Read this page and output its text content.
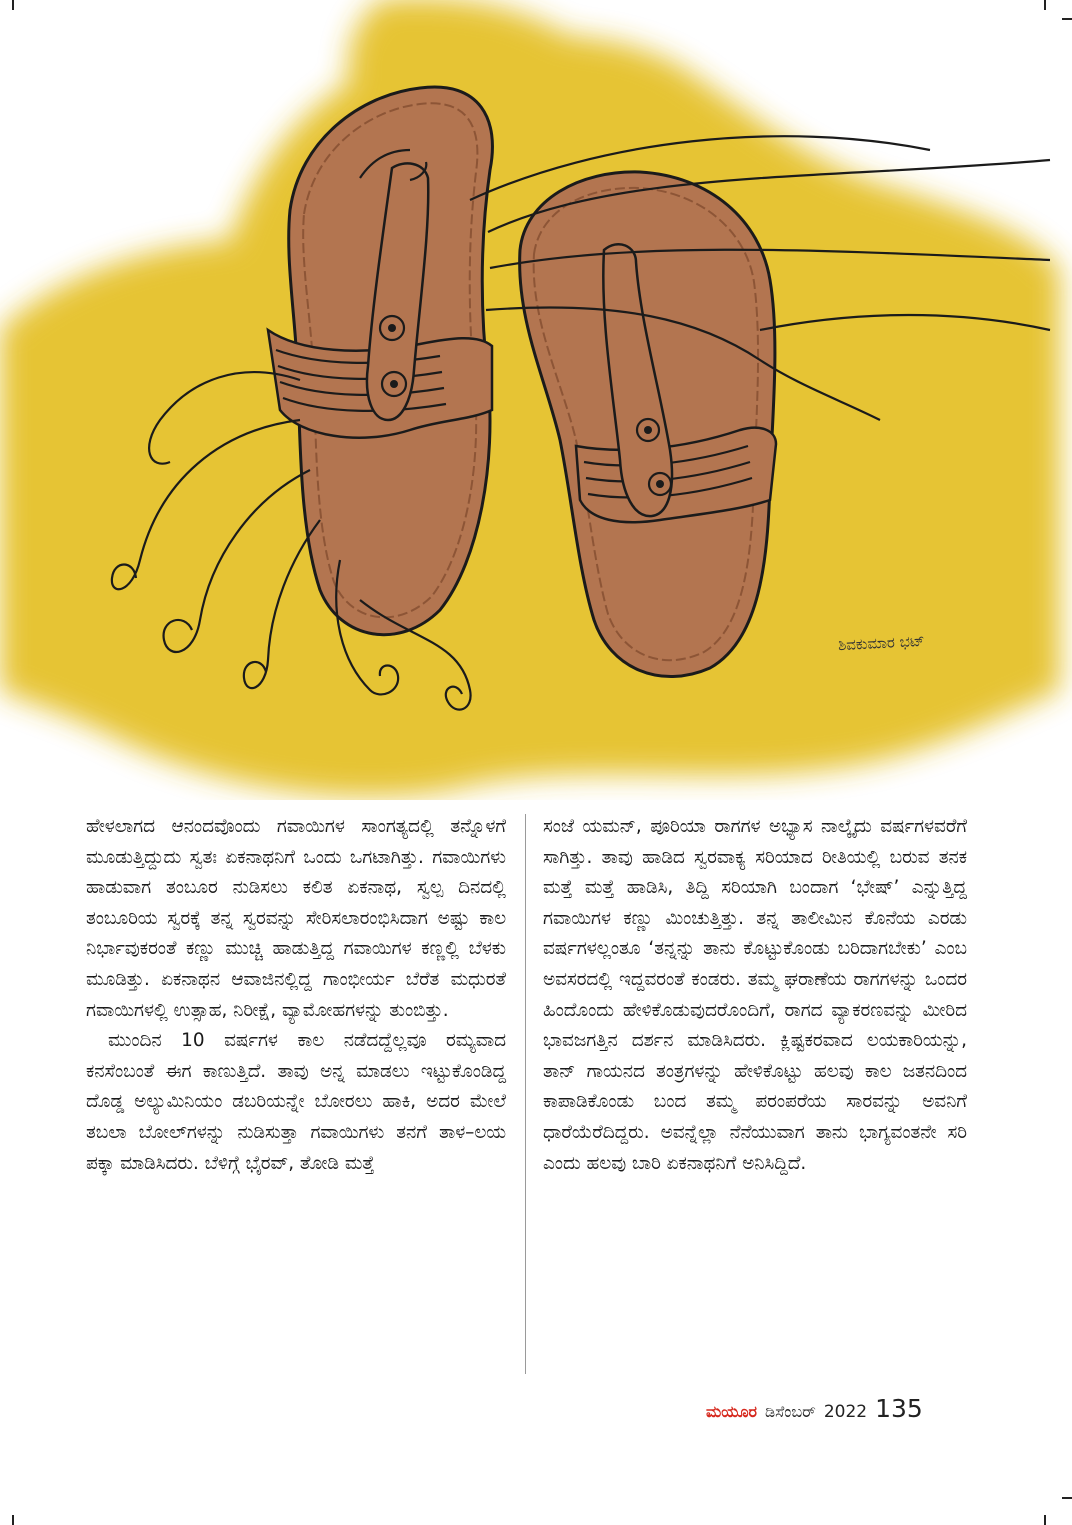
ಶಿವಕುಮಾರ ಭಟ್

ಹೇಳಲಾಗದ ಆನಂದವೊಂದು ಗವಾಯಿಗಳ ಸಾಂಗತ್ಯದಲ್ಲಿ ತನ್ನೊಳಗೆ ಮೂಡುತ್ತಿದ್ದುದು ಸ್ವತಃ ಏಕನಾಥನಿಗೆ ಒಂದು ಒಗಟಾಗಿತ್ತು. ಗವಾಯಿಗಳು ಹಾಡುವಾಗ ತಂಬೂರ ನುಡಿಸಲು ಕಲಿತ ಏಕನಾಥ, ಸ್ವಲ್ಪ ದಿನದಲ್ಲಿ ತಂಬೂರಿಯ ಸ್ವರಕ್ಕೆ ತನ್ನ ಸ್ವರವನ್ನು ಸೇರಿಸಲಾರಂಭಿಸಿದಾಗ ಅಷ್ಟು ಕಾಲ ನಿರ್ಭಾವುಕರಂತೆ ಕಣ್ಣು ಮುಚ್ಚಿ ಹಾಡುತ್ತಿದ್ದ ಗವಾಯಿಗಳ ಕಣ್ಣಲ್ಲಿ ಬೆಳಕು ಮೂಡಿತ್ತು. ಏಕನಾಥನ ಆವಾಜಿನಲ್ಲಿದ್ದ ಗಾಂಭೀರ್ಯ ಬೆರೆತ ಮಧುರತೆ ಗವಾಯಿಗಳಲ್ಲಿ ಉತ್ಸಾಹ, ನಿರೀಕ್ಷೆ, ವ್ಯಾಮೋಹಗಳನ್ನು ತುಂಬಿತ್ತು.

ಮುಂದಿನ 10 ವರ್ಷಗಳ ಕಾಲ ನಡೆದದ್ದೆಲ್ಲವೂ ರಮ್ಯವಾದ ಕನಸೆಂಬಂತೆ ಈಗ ಕಾಣುತ್ತಿದೆ. ತಾವು ಅನ್ನ ಮಾಡಲು ಇಟ್ಟುಕೊಂಡಿದ್ದ ದೊಡ್ಡ ಅಲ್ಯುಮಿನಿಯಂ ಡಬರಿಯನ್ನೇ ಬೋರಲು ಹಾಕಿ, ಅದರ ಮೇಲೆ ತಬಲಾ ಬೋಲ್‌ಗಳನ್ನು ನುಡಿಸುತ್ತಾ ಗವಾಯಿಗಳು ತನಗೆ ತಾಳ–ಲಯ ಪಕ್ಕಾ ಮಾಡಿಸಿದರು. ಬೆಳಿಗ್ಗೆ ಭೈರವ್, ತೋಡಿ ಮತ್ತೆ

ಸಂಜೆ ಯಮನ್, ಪೂರಿಯಾ ರಾಗಗಳ ಅಭ್ಯಾಸ ನಾಲ್ಕೈದು ವರ್ಷಗಳವರೆಗೆ ಸಾಗಿತ್ತು. ತಾವು ಹಾಡಿದ ಸ್ವರವಾಕ್ಯ ಸರಿಯಾದ ರೀತಿಯಲ್ಲಿ ಬರುವ ತನಕ ಮತ್ತೆ ಮತ್ತೆ ಹಾಡಿಸಿ, ತಿದ್ದಿ ಸರಿಯಾಗಿ ಬಂದಾಗ ‘ಭೇಷ್’ ಎನ್ನುತ್ತಿದ್ದ ಗವಾಯಿಗಳ ಕಣ್ಣು ಮಿಂಚುತ್ತಿತ್ತು. ತನ್ನ ತಾಲೀಮಿನ ಕೊನೆಯ ಎರಡು ವರ್ಷಗಳಲ್ಲಂತೂ ‘ತನ್ನನ್ನು ತಾನು ಕೊಟ್ಟುಕೊಂಡು ಬರಿದಾಗಬೇಕು’ ಎಂಬ ಅವಸರದಲ್ಲಿ ಇದ್ದವರಂತೆ ಕಂಡರು. ತಮ್ಮ ಘರಾಣೆಯ ರಾಗಗಳನ್ನು ಒಂದರ ಹಿಂದೊಂದು ಹೇಳಿಕೊಡುವುದರೊಂದಿಗೆ, ರಾಗದ ವ್ಯಾಕರಣವನ್ನು ಮೀರಿದ ಭಾವಜಗತ್ತಿನ ದರ್ಶನ ಮಾಡಿಸಿದರು. ಕ್ಲಿಷ್ಟಕರವಾದ ಲಯಕಾರಿಯನ್ನು, ತಾನ್ ಗಾಯನದ ತಂತ್ರಗಳನ್ನು ಹೇಳಿಕೊಟ್ಟು ಹಲವು ಕಾಲ ಜತನದಿಂದ ಕಾಪಾಡಿಕೊಂಡು ಬಂದ ತಮ್ಮ ಪರಂಪರೆಯ ಸಾರವನ್ನು ಅವನಿಗೆ ಧಾರೆಯೆರೆದಿದ್ದರು. ಅವನ್ನೆಲ್ಲಾ ನೆನೆಯುವಾಗ ತಾನು ಭಾಗ್ಯವಂತನೇ ಸರಿ ಎಂದು ಹಲವು ಬಾರಿ ಏಕನಾಥನಿಗೆ ಅನಿಸಿದ್ದಿದೆ.

ಮಯೂರ ಡಿಸೆಂಬರ್ 2022 135
